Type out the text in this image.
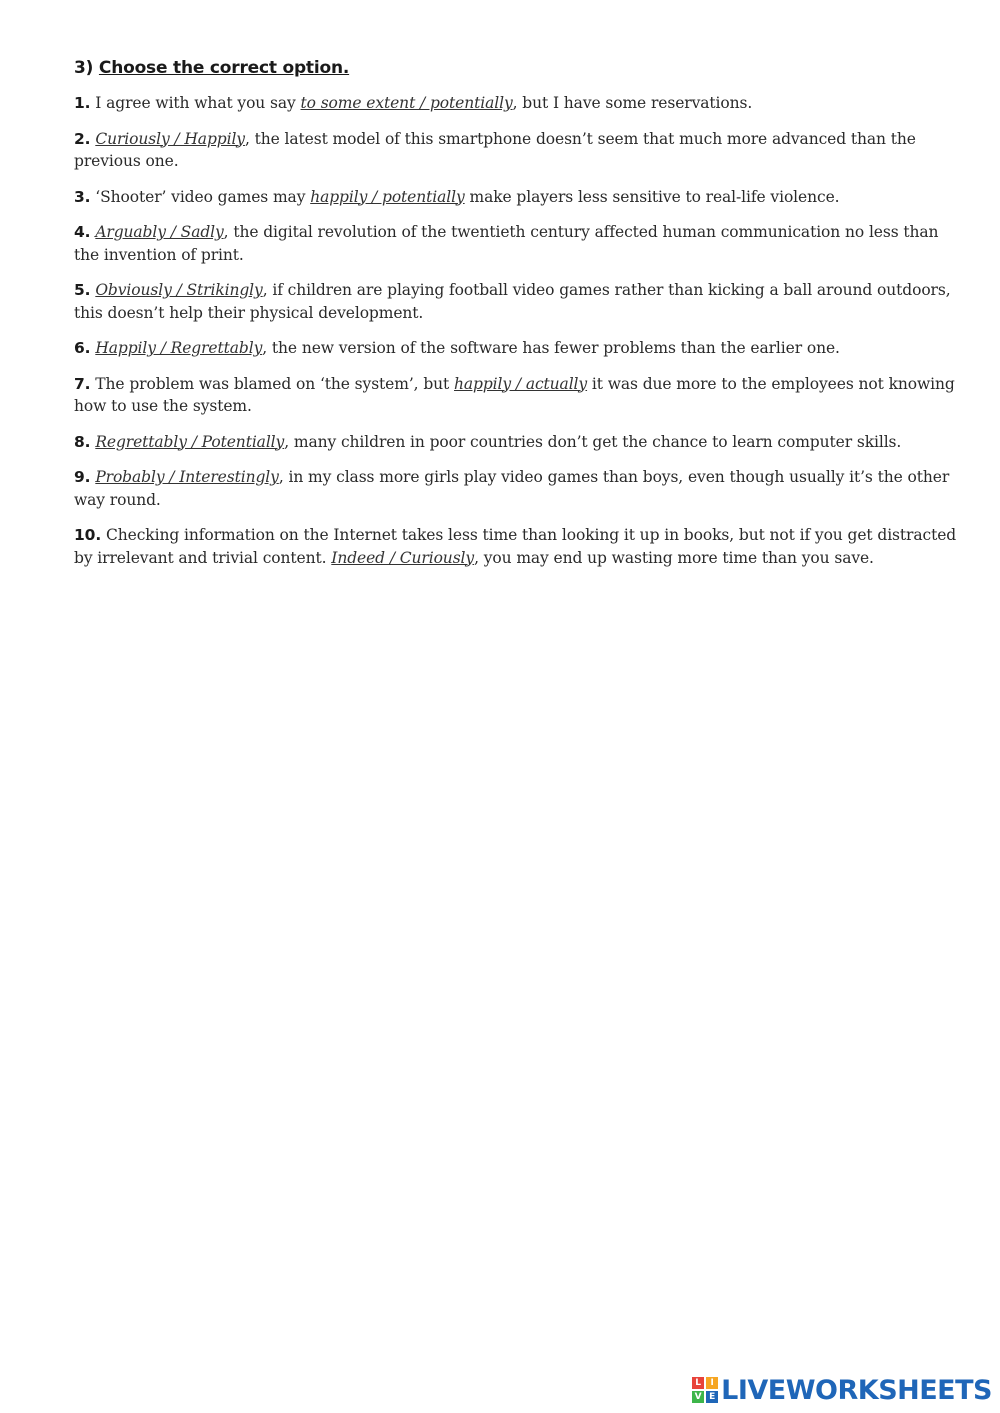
3) Choose the correct option.
1. I agree with what you say to some extent / potentially, but I have some reservations.
2. Curiously / Happily, the latest model of this smartphone doesn’t seem that much more advanced than the previous one.
3. ‘Shooter’ video games may happily / potentially make players less sensitive to real-life violence.
4. Arguably / Sadly, the digital revolution of the twentieth century affected human communication no less than the invention of print.
5. Obviously / Strikingly, if children are playing football video games rather than kicking a ball around outdoors, this doesn’t help their physical development.
6. Happily / Regrettably, the new version of the software has fewer problems than the earlier one.
7. The problem was blamed on ‘the system’, but happily / actually it was due more to the employees not knowing how to use the system.
8. Regrettably / Potentially, many children in poor countries don’t get the chance to learn computer skills.
9. Probably / Interestingly, in my class more girls play video games than boys, even though usually it’s the other way round.
10. Checking information on the Internet takes less time than looking it up in books, but not if you get distracted by irrelevant and trivial content. Indeed / Curiously, you may end up wasting more time than you save.
L	I
V E LIVEWORKSHEETS
